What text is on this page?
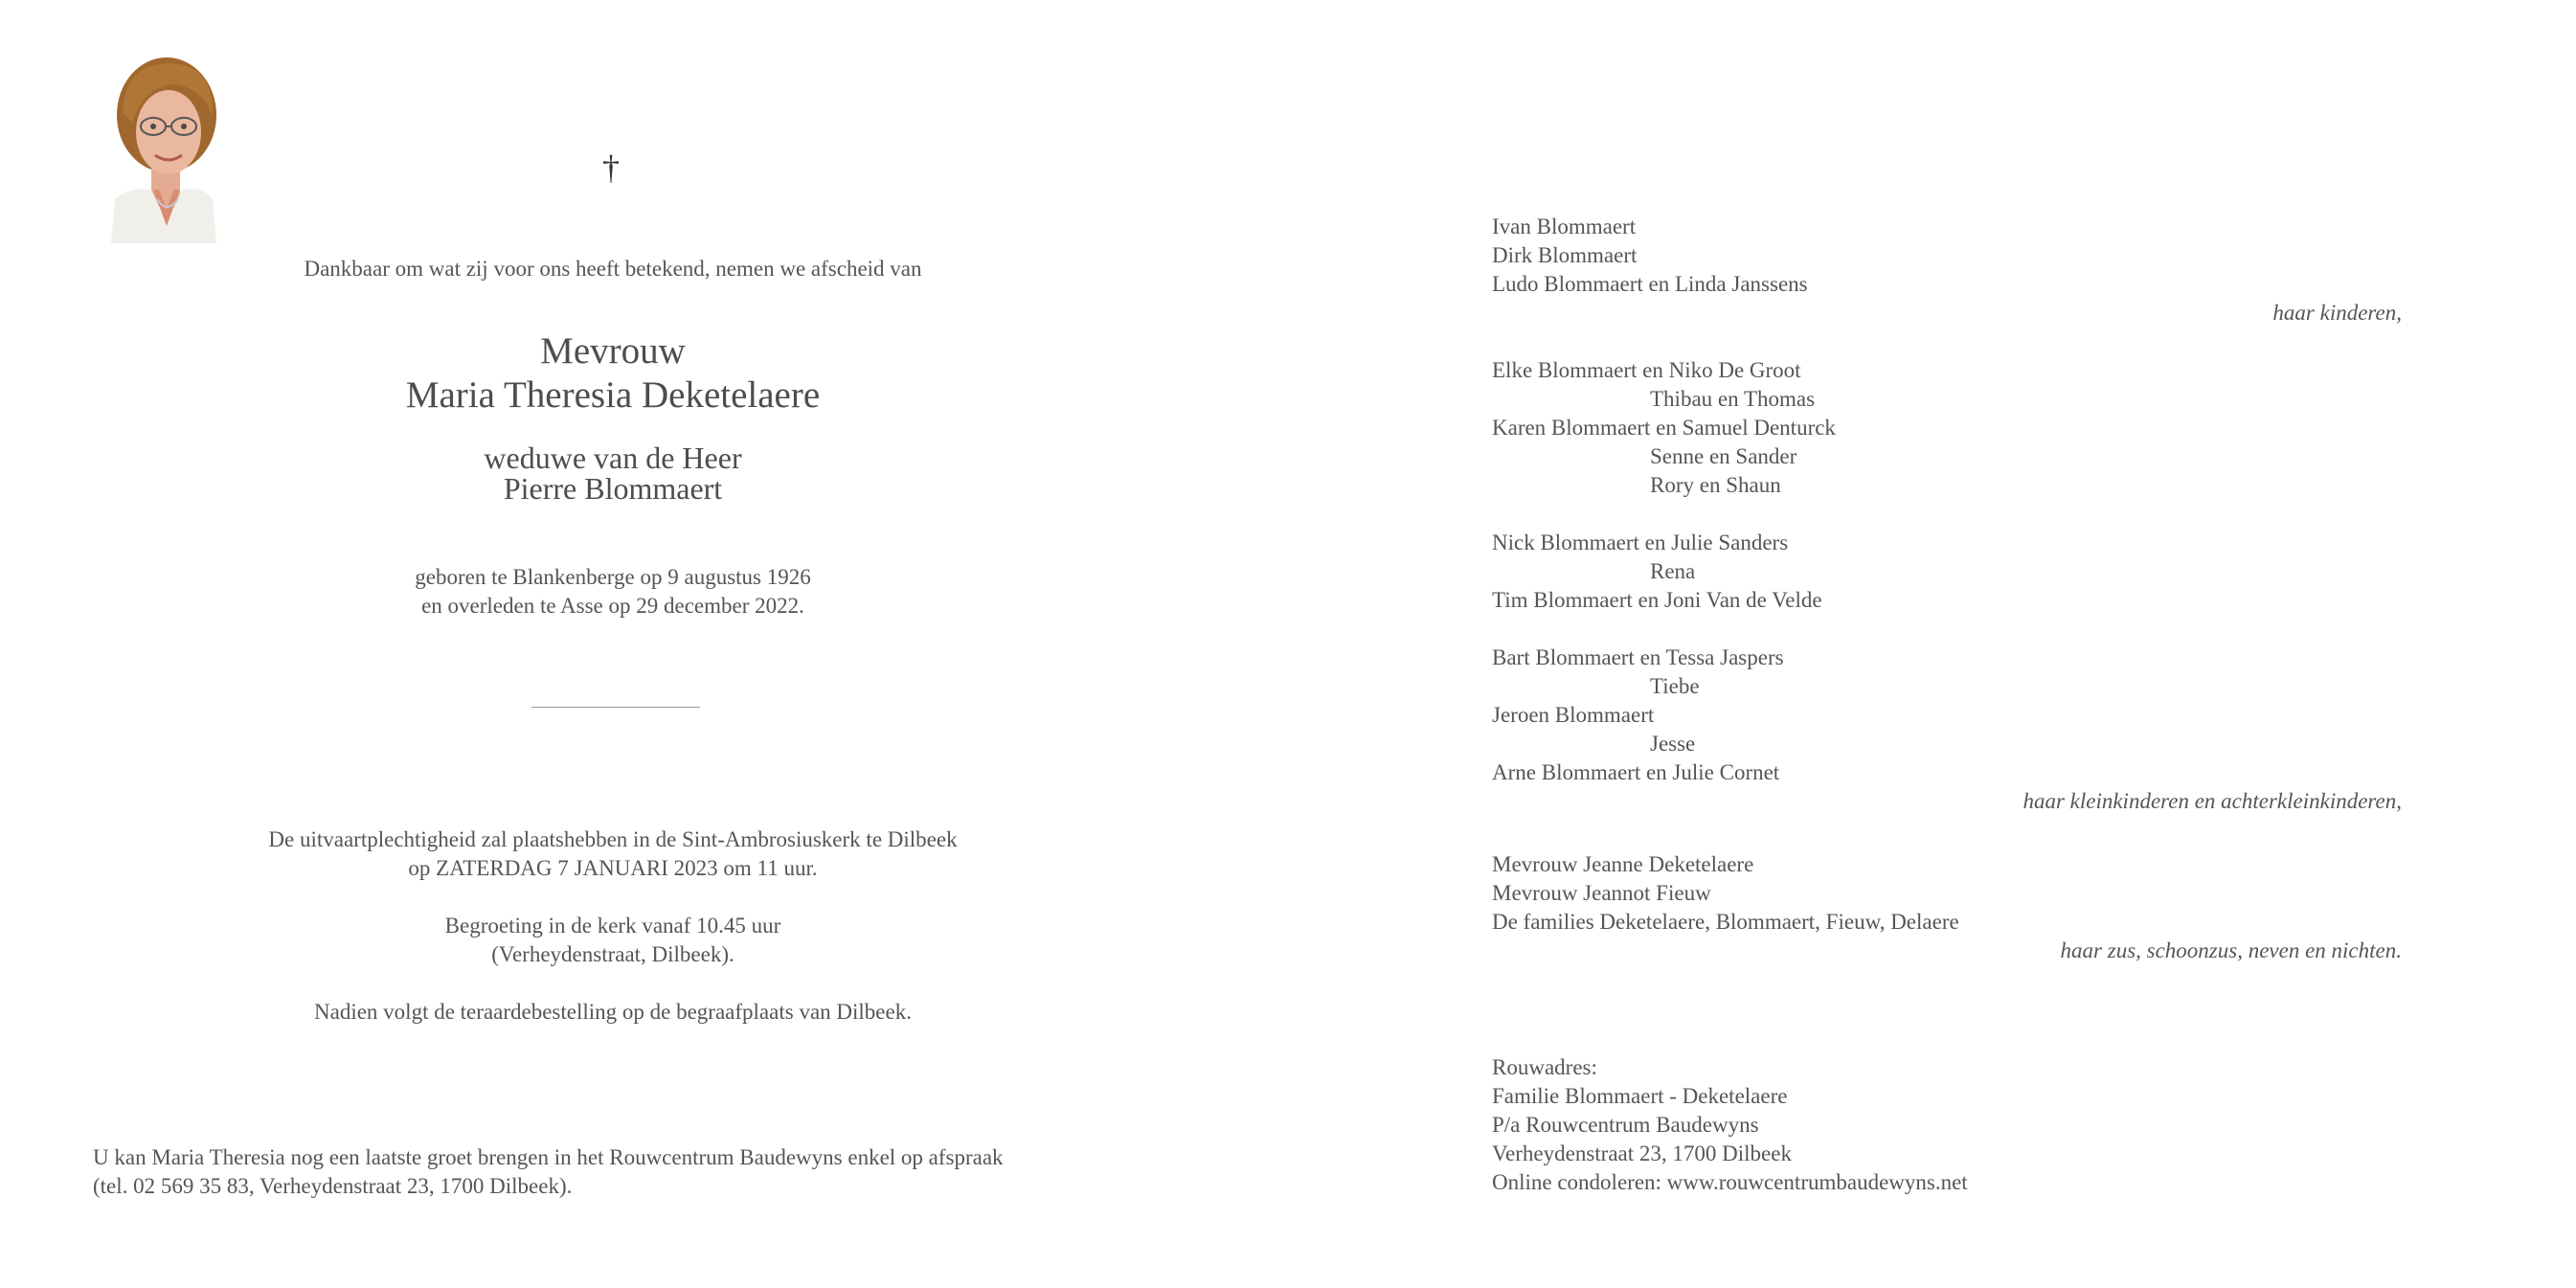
†
Dankbaar om wat zij voor ons heeft betekend, nemen we afscheid van
Mevrouw
Maria Theresia Deketelaere
weduwe van de Heer
Pierre Blommaert
geboren te Blankenberge op 9 augustus 1926
en overleden te Asse op 29 december 2022.
De uitvaartplechtigheid zal plaatshebben in de Sint-Ambrosiuskerk te Dilbeek
op ZATERDAG 7 JANUARI 2023 om 11 uur.
Begroeting in de kerk vanaf 10.45 uur
(Verheydenstraat, Dilbeek).
Nadien volgt de teraardebestelling op de begraafplaats van Dilbeek.
U kan Maria Theresia nog een laatste groet brengen in het Rouwcentrum Baudewyns enkel op afspraak
(tel. 02 569 35 83, Verheydenstraat 23, 1700 Dilbeek).
Ivan Blommaert
Dirk Blommaert
Ludo Blommaert en Linda Janssens
haar kinderen,
Elke Blommaert en Niko De Groot
Thibau en Thomas
Karen Blommaert en Samuel Denturck
Senne en Sander
Rory en Shaun
Nick Blommaert en Julie Sanders
Rena
Tim Blommaert en Joni Van de Velde
Bart Blommaert en Tessa Jaspers
Tiebe
Jeroen Blommaert
Jesse
Arne Blommaert en Julie Cornet
haar kleinkinderen en achterkleinkinderen,
Mevrouw Jeanne Deketelaere
Mevrouw Jeannot Fieuw
De families Deketelaere, Blommaert, Fieuw, Delaere
haar zus, schoonzus, neven en nichten.
Rouwadres:
Familie Blommaert - Deketelaere
P/a Rouwcentrum Baudewyns
Verheydenstraat 23, 1700 Dilbeek
Online condoleren: www.rouwcentrumbaudewyns.net
